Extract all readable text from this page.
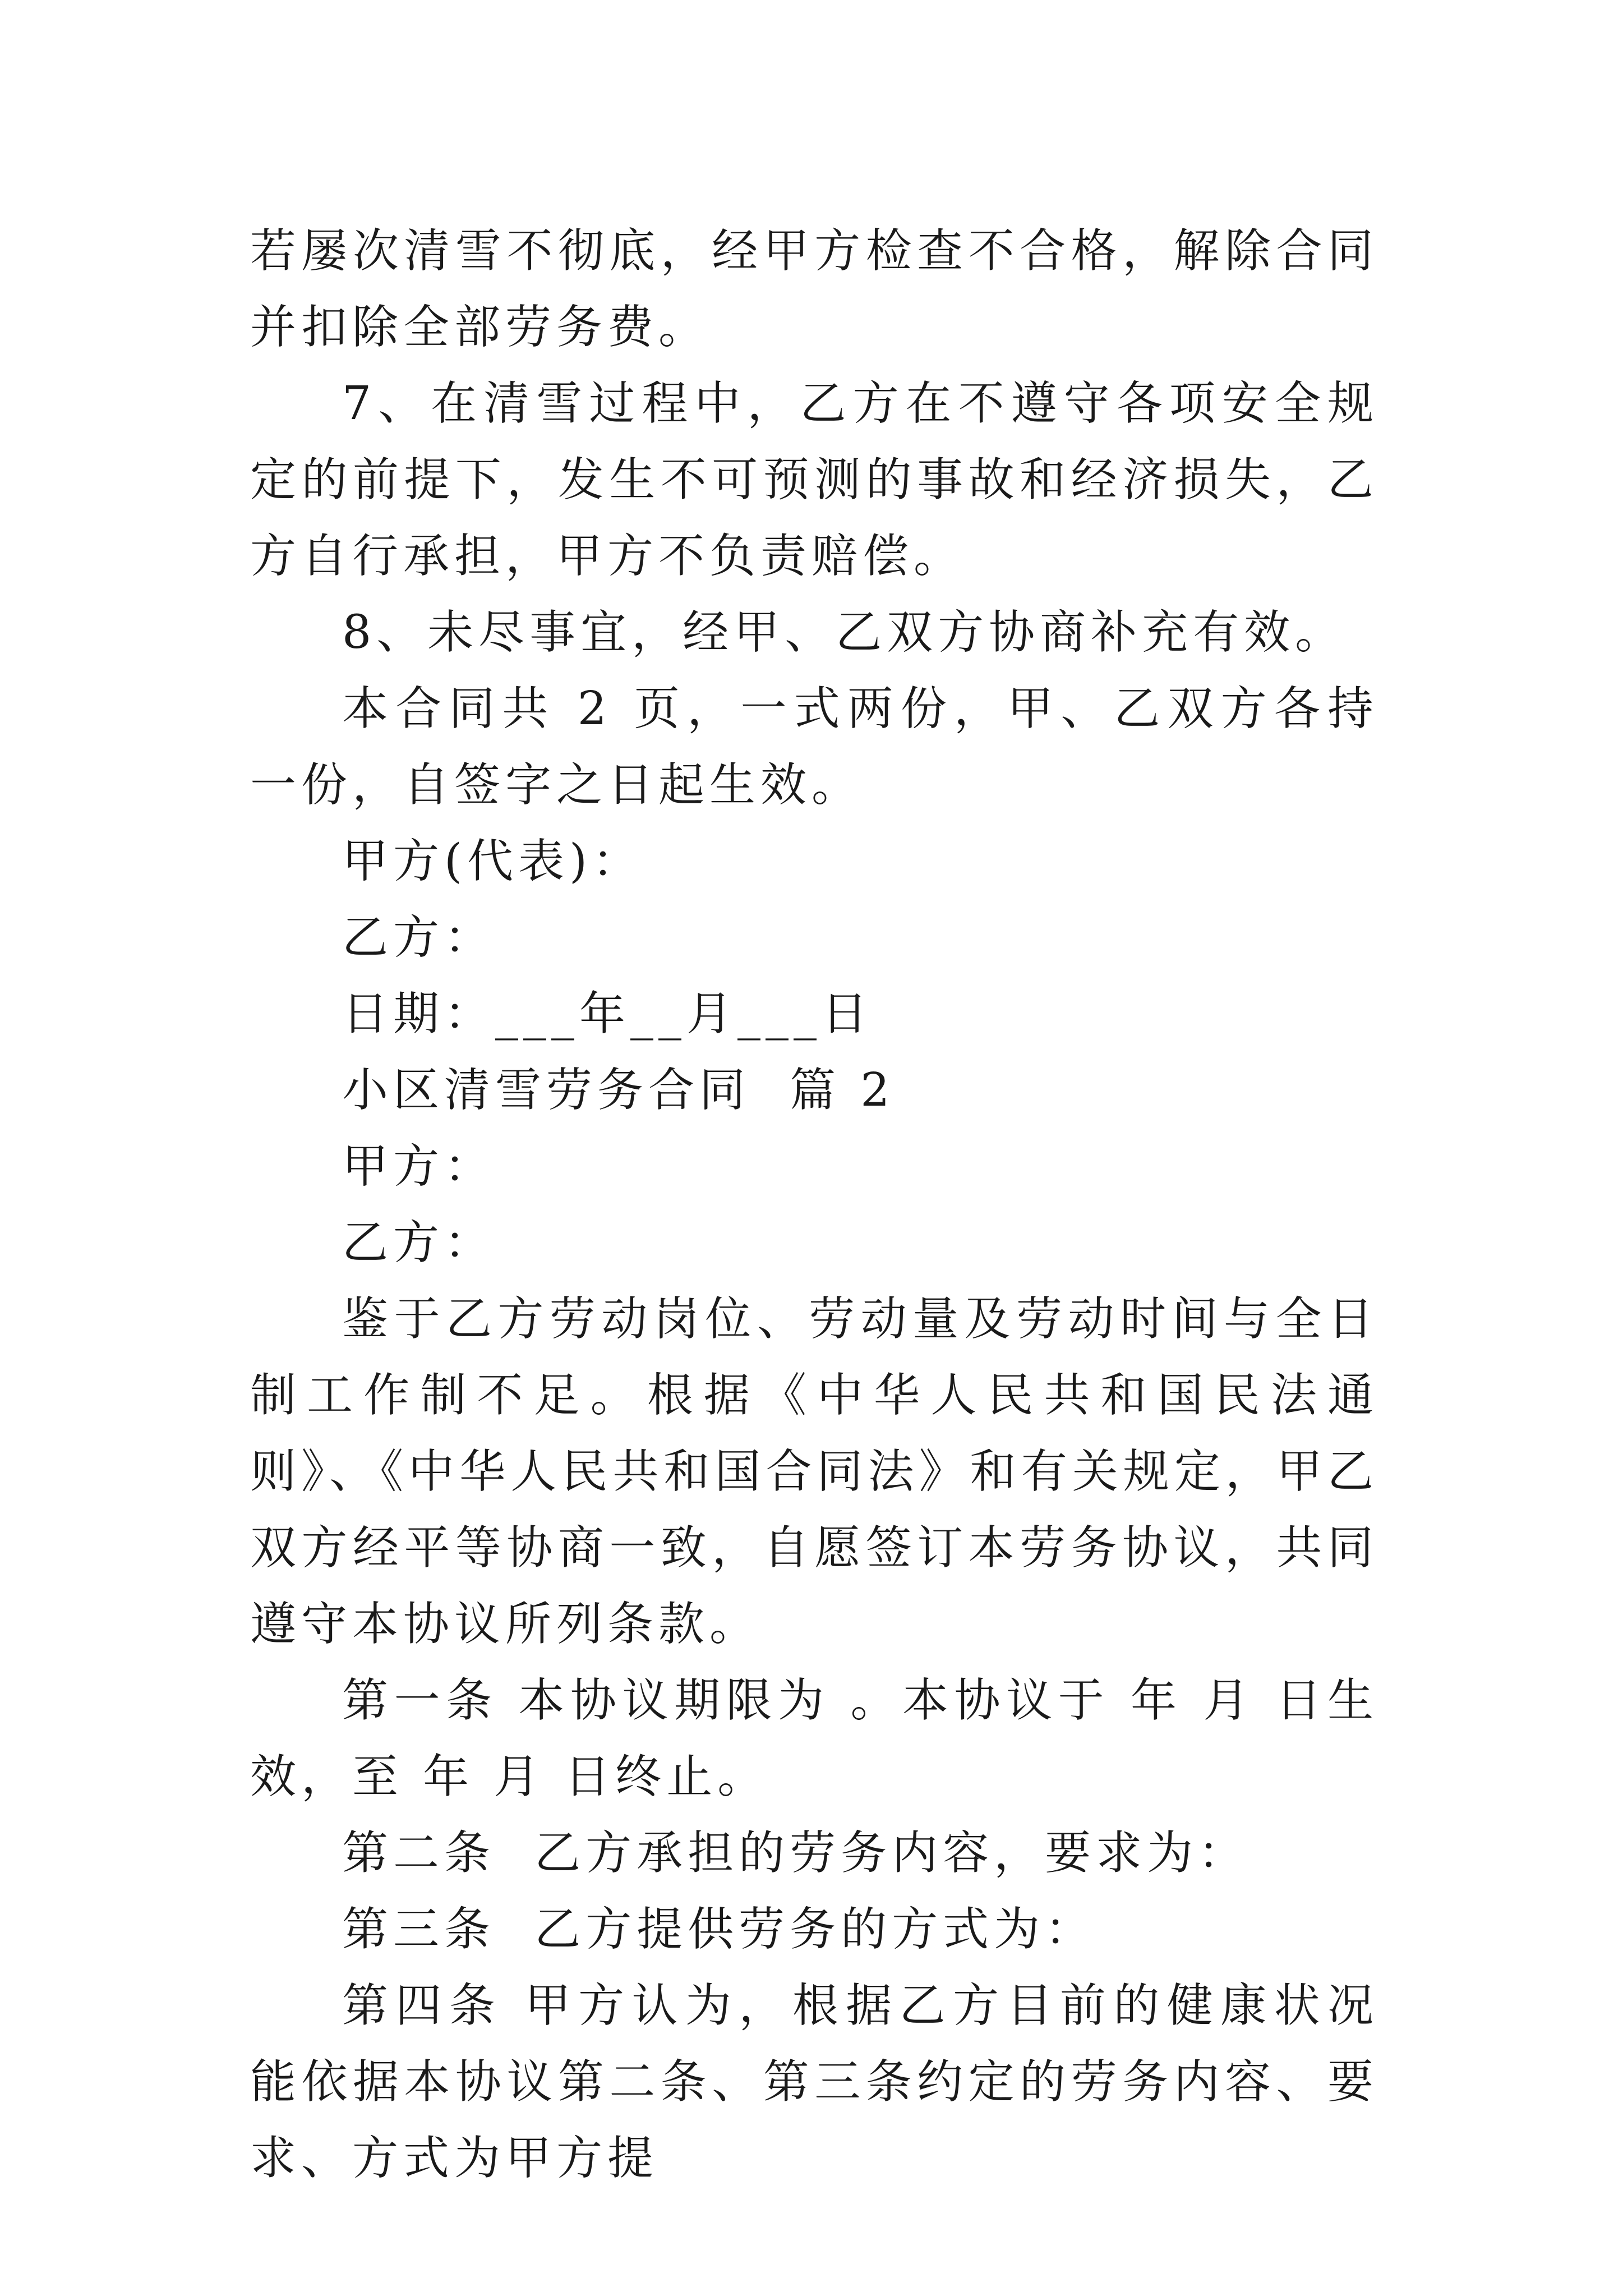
若屡次清雪不彻底，经甲方检查不合格，解除合同并扣除全部劳务费。

7、在清雪过程中，乙方在不遵守各项安全规定的前提下，发生不可预测的事故和经济损失，乙方自行承担，甲方不负责赔偿。

8、未尽事宜，经甲、乙双方协商补充有效。

本合同共 2 页，一式两份，甲、乙双方各持一份，自签字之日起生效。

甲方(代表)：

乙方：

日期：___年__月___日

小区清雪劳务合同  篇 2

甲方：

乙方：

鉴于乙方劳动岗位、劳动量及劳动时间与全日制工作制不足。根据《中华人民共和国民法通则》、《中华人民共和国合同法》和有关规定，甲乙双方经平等协商一致，自愿签订本劳务协议，共同遵守本协议所列条款。

第一条 本协议期限为 。本协议于 年 月 日生效，至 年 月 日终止。

第二条  乙方承担的劳务内容，要求为：

第三条  乙方提供劳务的方式为：

第四条 甲方认为，根据乙方目前的健康状况能依据本协议第二条、第三条约定的劳务内容、要求、方式为甲方提
